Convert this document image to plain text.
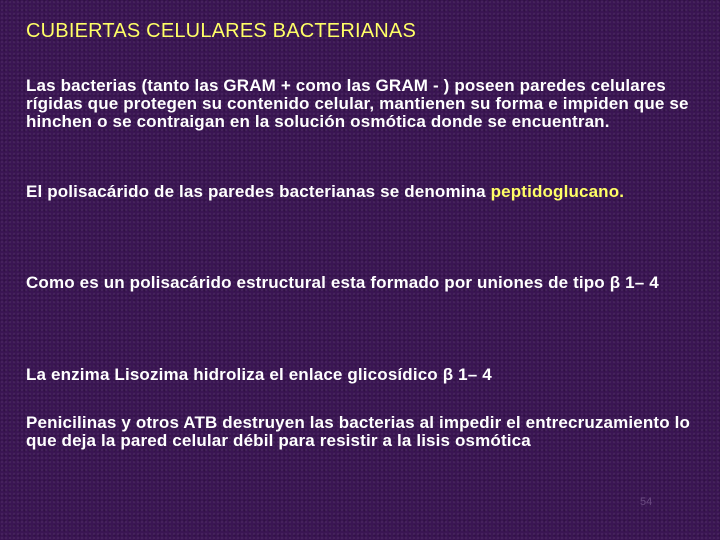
CUBIERTAS CELULARES BACTERIANAS

Las bacterias (tanto las GRAM + como las GRAM - ) poseen paredes celulares rígidas que protegen su contenido celular, mantienen su forma e impiden que se hinchen o se contraigan en la solución osmótica donde se encuentran.

El polisacárido de las paredes bacterianas se denomina peptidoglucano.

Como es un polisacárido estructural esta formado por uniones de tipo β 1– 4

La enzima Lisozima hidroliza el enlace glicosídico β 1– 4

Penicilinas y otros ATB destruyen las bacterias al impedir el entrecruzamiento lo que deja la pared celular débil para resistir a la lisis osmótica

54
